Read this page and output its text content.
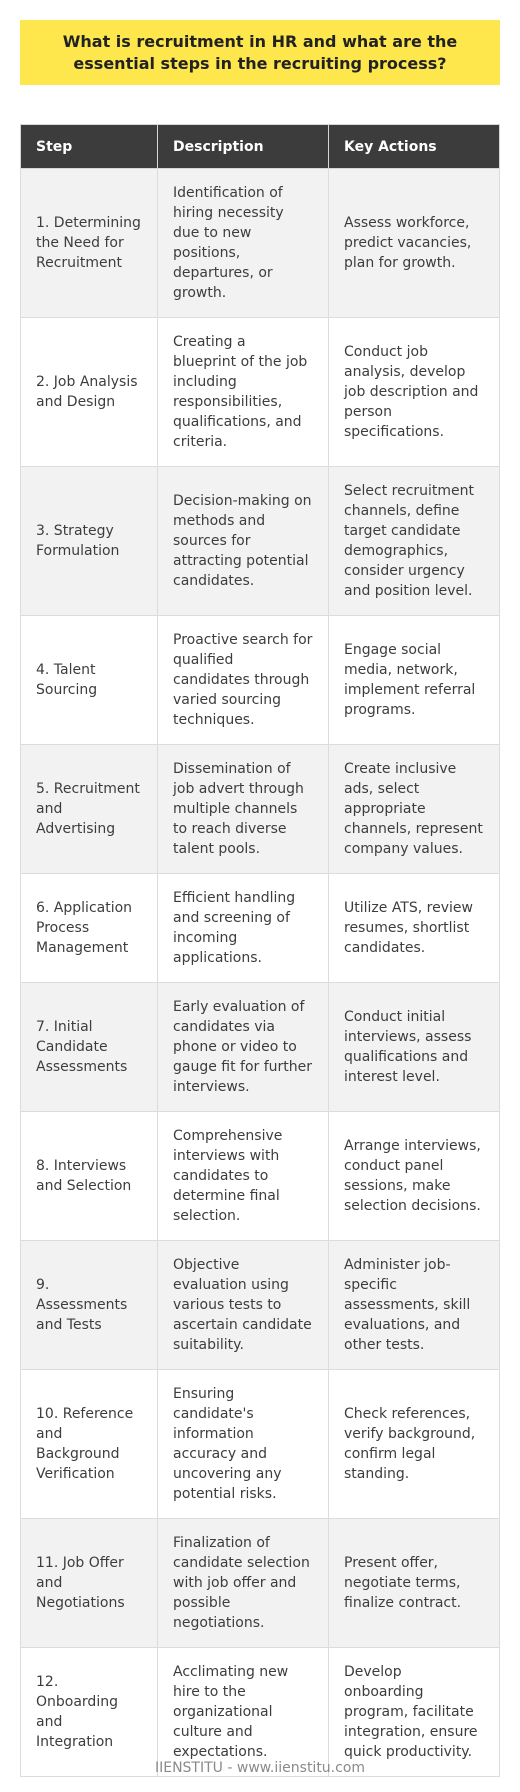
What is recruitment in HR and what are the essential steps in the recruiting process?
Step	Description	Key Actions
1. Determining the Need for Recruitment	Identification of hiring necessity due to new positions, departures, or growth.	Assess workforce, predict vacancies, plan for growth.
2. Job Analysis and Design	Creating a blueprint of the job including responsibilities, qualifications, and criteria.	Conduct job analysis, develop job description and person specifications.
3. Strategy Formulation	Decision-making on methods and sources for attracting potential candidates.	Select recruitment channels, define target candidate demographics, consider urgency and position level.
4. Talent Sourcing	Proactive search for qualified candidates through varied sourcing techniques.	Engage social media, network, implement referral programs.
5. Recruitment and Advertising	Dissemination of job advert through multiple channels to reach diverse talent pools.	Create inclusive ads, select appropriate channels, represent company values.
6. Application Process Management	Efficient handling and screening of incoming applications.	Utilize ATS, review resumes, shortlist candidates.
7. Initial Candidate Assessments	Early evaluation of candidates via phone or video to gauge fit for further interviews.	Conduct initial interviews, assess qualifications and interest level.
8. Interviews and Selection	Comprehensive interviews with candidates to determine final selection.	Arrange interviews, conduct panel sessions, make selection decisions.
9. Assessments and Tests	Objective evaluation using various tests to ascertain candidate suitability.	Administer job-specific assessments, skill evaluations, and other tests.
10. Reference and Background Verification	Ensuring candidate's information accuracy and uncovering any potential risks.	Check references, verify background, confirm legal standing.
11. Job Offer and Negotiations	Finalization of candidate selection with job offer and possible negotiations.	Present offer, negotiate terms, finalize contract.
12. Onboarding and Integration	Acclimating new hire to the organizational culture and expectations.	Develop onboarding program, facilitate integration, ensure quick productivity.
IIENSTITU - www.iienstitu.com
